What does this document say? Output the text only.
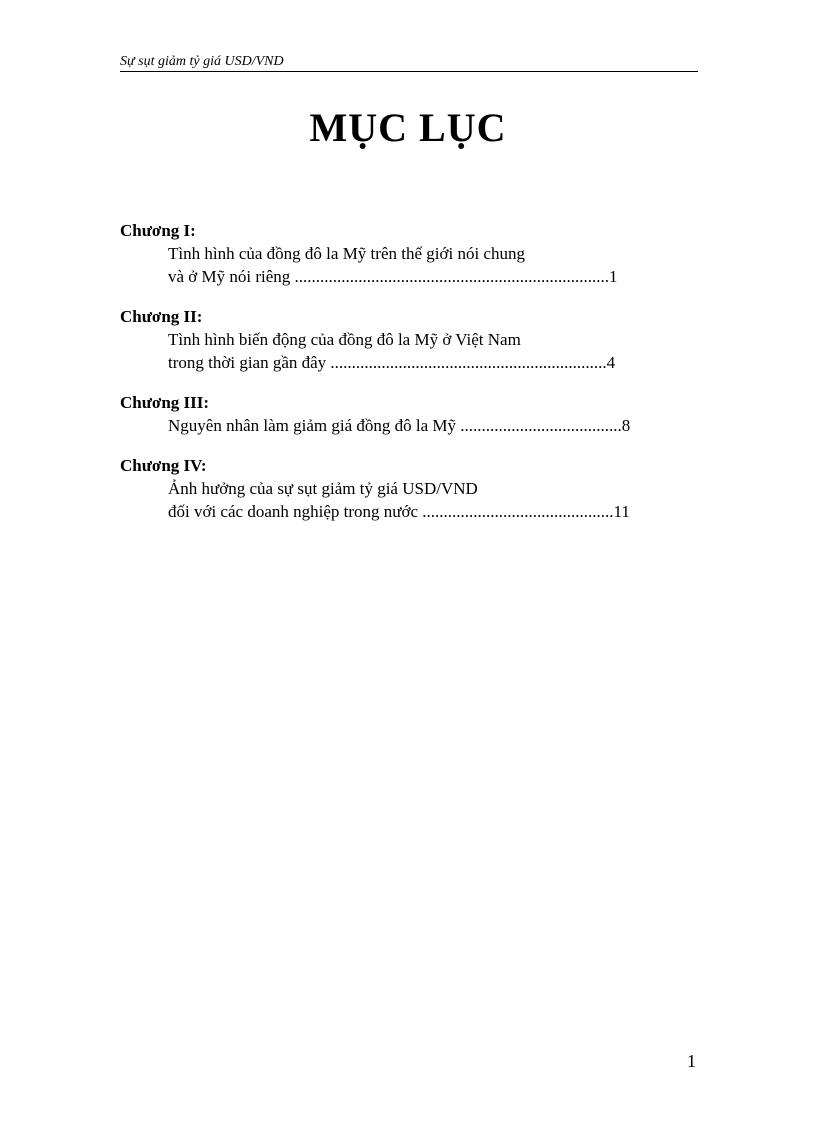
Sự sụt giảm tỷ giá USD/VND
MỤC LỤC

Chương I:

Tình hình của đồng đô la Mỹ trên thế giới nói chung

và ở Mỹ nói riêng ..........................................................................1

Chương II:

Tình hình biến động của đồng đô la Mỹ ở Việt Nam

trong thời gian gần đây .................................................................4

Chương III:

Nguyên nhân làm giảm giá đồng đô la Mỹ ......................................8

Chương IV:

Ảnh hưởng của sự sụt giảm tỷ giá USD/VND

đối với các doanh nghiệp trong nước .............................................11

1
